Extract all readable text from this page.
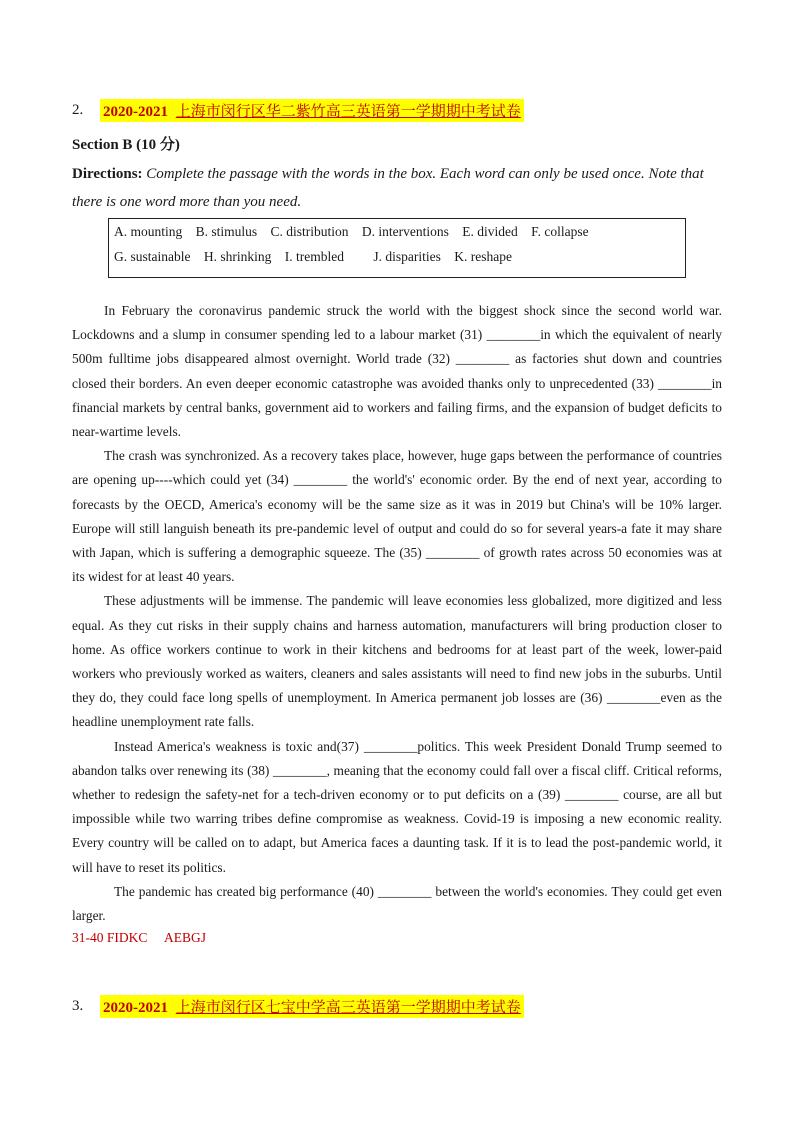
2.	2020-2021 上海市闵行区华二紫竹高三英语第一学期期中考试卷
Section B (10 分)
Directions: Complete the passage with the words in the box. Each word can only be used once. Note that there is one word more than you need.
A. mounting B. stimulus C. distribution D. interventions E. divided F. collapse
G. sustainable H. shrinking I. trembled J. disparities K. reshape

In February the coronavirus pandemic struck the world with the biggest shock since the second world war. Lockdowns and a slump in consumer spending led to a labour market (31) ________in which the equivalent of nearly 500m fulltime jobs disappeared almost overnight. World trade (32) ________ as factories shut down and countries closed their borders. An even deeper economic catastrophe was avoided thanks only to unprecedented (33) ________in financial markets by central banks, government aid to workers and failing firms, and the expansion of budget deficits to near-wartime levels.

The crash was synchronized. As a recovery takes place, however, huge gaps between the performance of countries are opening up----which could yet (34) ________ the world's' economic order. By the end of next year, according to forecasts by the OECD, America's economy will be the same size as it was in 2019 but China's will be 10% larger. Europe will still languish beneath its pre-pandemic level of output and could do so for several years-a fate it may share with Japan, which is suffering a demographic squeeze. The (35) ________ of growth rates across 50 economies was at its widest for at least 40 years.

These adjustments will be immense. The pandemic will leave economies less globalized, more digitized and less equal. As they cut risks in their supply chains and harness automation, manufacturers will bring production closer to home. As office workers continue to work in their kitchens and bedrooms for at least part of the week, lower-paid workers who previously worked as waiters, cleaners and sales assistants will need to find new jobs in the suburbs. Until they do, they could face long spells of unemployment. In America permanent job losses are (36) ________even as the headline unemployment rate falls.

Instead America's weakness is toxic and(37) ________politics. This week President Donald Trump seemed to abandon talks over renewing its (38) ________, meaning that the economy could fall over a fiscal cliff. Critical reforms, whether to redesign the safety-net for a tech-driven economy or to put deficits on a (39) ________ course, are all but impossible while two warring tribes define compromise as weakness. Covid-19 is imposing a new economic reality. Every country will be called on to adapt, but America faces a daunting task. If it is to lead the post-pandemic world, it will have to reset its politics.

The pandemic has created big performance (40) ________ between the world's economies. They could get even larger.

31-40 FIDKC AEBGJ
3.	2020-2021 上海市闵行区七宝中学高三英语第一学期期中考试卷
